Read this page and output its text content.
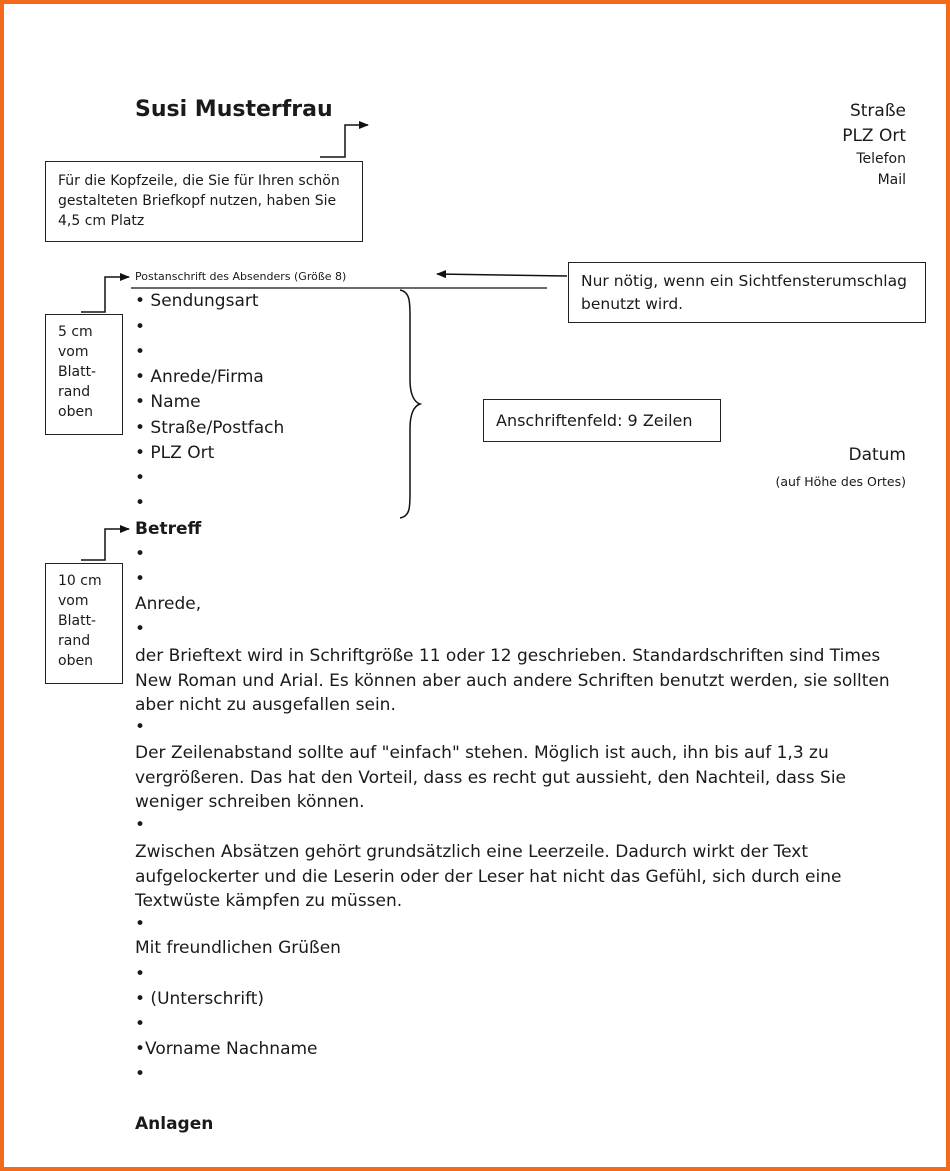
Susi Musterfrau	Straße
PLZ Ort
Telefon
Mail
Für die Kopfzeile, die Sie für Ihren schön
gestalteten Briefkopf nutzen, haben Sie
4,5 cm Platz
Postanschrift des Absenders (Größe 8)	Nur nötig, wenn ein Sichtfensterumschlag
benutzt wird.
5 cm
vom
Blatt-
rand
oben
• Sendungsart
•
•
• Anrede/Firma
• Name
• Straße/Postfach
• PLZ Ort
•
•
Anschriftenfeld: 9 Zeilen
Datum
(auf Höhe des Ortes)
10 cm
vom
Blatt-
rand
oben
Betreff
•
•
Anrede,
•
der Brieftext wird in Schriftgröße 11 oder 12 geschrieben. Standardschriften sind Times New Roman und Arial. Es können aber auch andere Schriften benutzt werden, sie sollten aber nicht zu ausgefallen sein.
•
Der Zeilenabstand sollte auf "einfach" stehen. Möglich ist auch, ihn bis auf 1,3 zu vergrößeren. Das hat den Vorteil, dass es recht gut aussieht, den Nachteil, dass Sie weniger schreiben können.
•
Zwischen Absätzen gehört grundsätzlich eine Leerzeile. Dadurch wirkt der Text aufgelockerter und die Leserin oder der Leser hat nicht das Gefühl, sich durch eine Textwüste kämpfen zu müssen.
•
Mit freundlichen Grüßen
•
• (Unterschrift)
•
•Vorname Nachname
•
Anlagen
